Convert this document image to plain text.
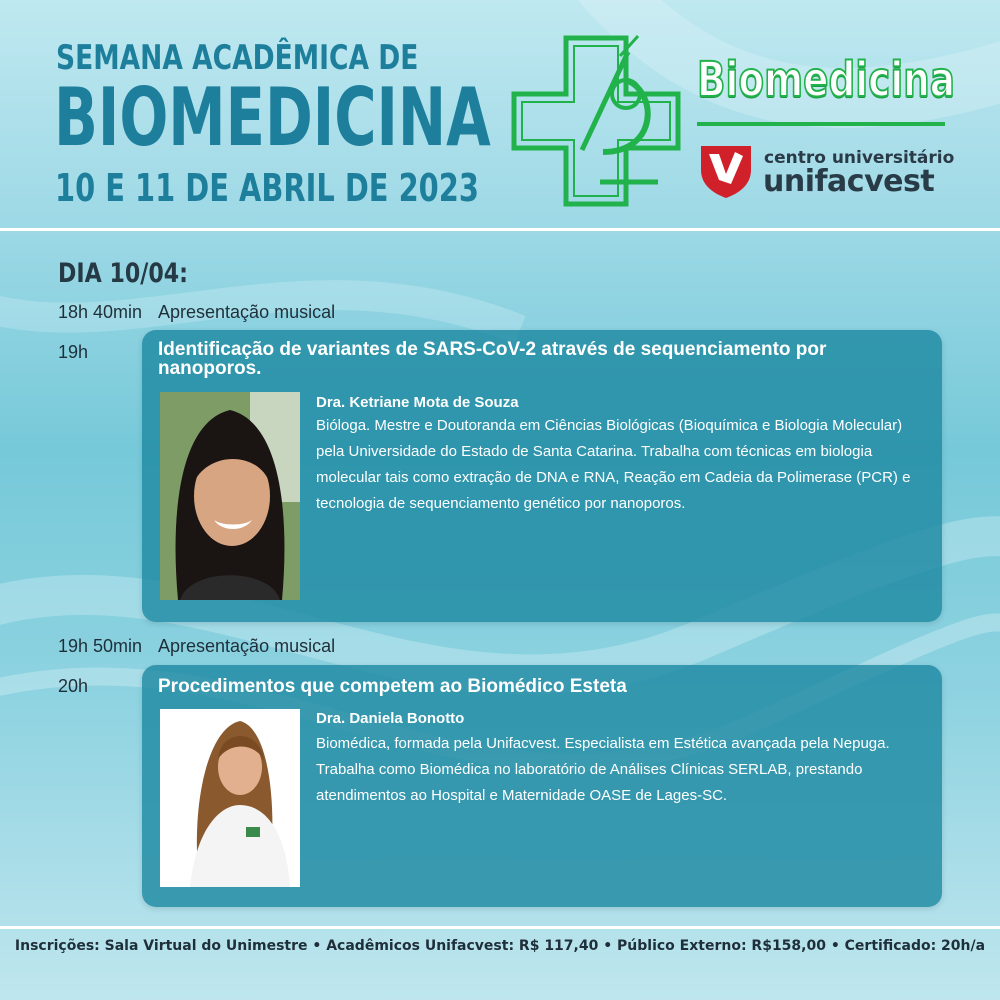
SEMANA ACADÊMICA DE
BIOMEDICINA
10 E 11 DE ABRIL DE 2023
Biomedicina
centro universitário
unifacvest
DIA 10/04:
18h 40min Apresentação musical
19h	Identificação de variantes de SARS-CoV-2 através de sequenciamento por nanoporos.
Dra. Ketriane Mota de Souza
Bióloga. Mestre e Doutoranda em Ciências Biológicas (Bioquímica e Biologia Molecular) pela Universidade do Estado de Santa Catarina. Trabalha com técnicas em biologia molecular tais como extração de DNA e RNA, Reação em Cadeia da Polimerase (PCR) e tecnologia de sequenciamento genético por nanoporos.
19h 50min Apresentação musical
20h	Procedimentos que competem ao Biomédico Esteta
Dra. Daniela Bonotto
Biomédica, formada pela Unifacvest. Especialista em Estética avançada pela Nepuga. Trabalha como Biomédica no laboratório de Análises Clínicas SERLAB, prestando atendimentos ao Hospital e Maternidade OASE de Lages-SC.
Inscrições: Sala Virtual do Unimestre • Acadêmicos Unifacvest: R$ 117,40 • Público Externo: R$158,00 • Certificado: 20h/a
